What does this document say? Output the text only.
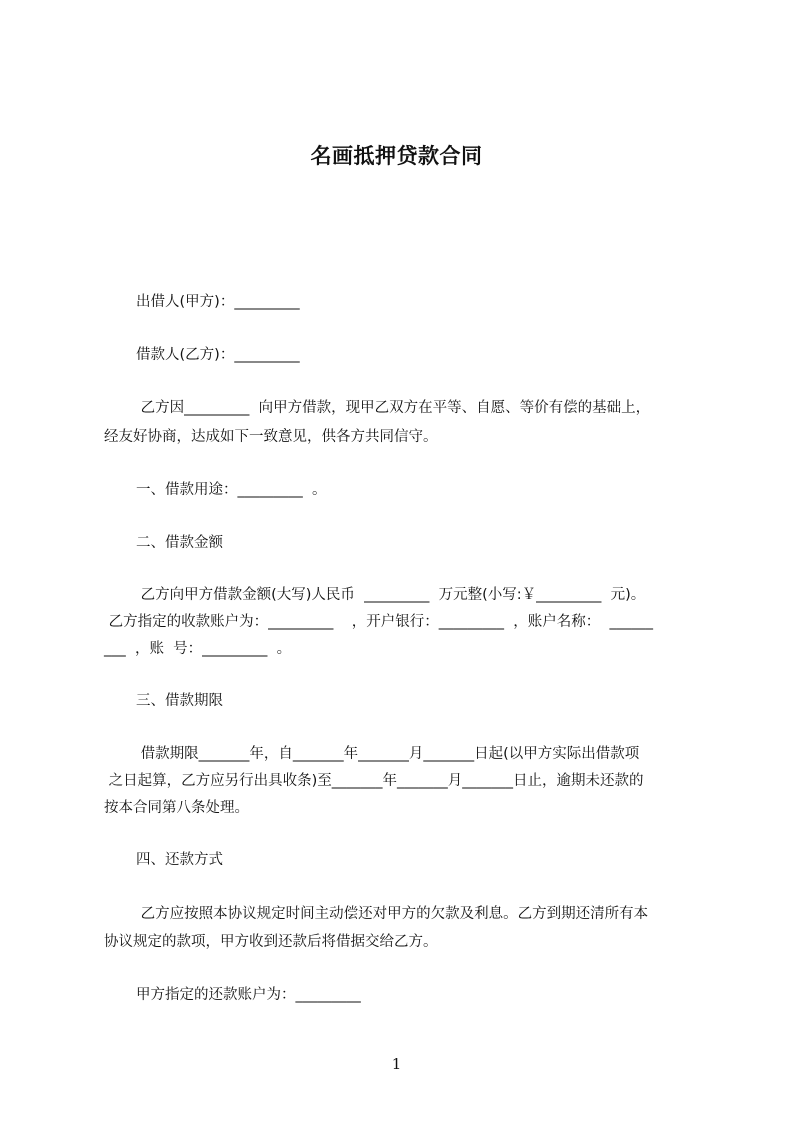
名画抵押贷款合同
出借人(甲方)：_________
借款人(乙方)：_________
乙方因_________  向甲方借款，现甲乙双方在平等、自愿、等价有偿的基础上，
经友好协商，达成如下一致意见，供各方共同信守。
一、借款用途：_________  。
二、借款金额
乙方向甲方借款金额(大写)人民币  _________  万元整(小写:￥_________  元)。
乙方指定的收款账户为：_________    ，开户银行：_________  ，账户名称：  ______
___  ，账  号：_________  。
三、借款期限
借款期限_______年，自_______年_______月_______日起(以甲方实际出借款项
之日起算，乙方应另行出具收条)至_______年_______月_______日止，逾期未还款的
按本合同第八条处理。
四、还款方式
乙方应按照本协议规定时间主动偿还对甲方的欠款及利息。乙方到期还清所有本
协议规定的款项，甲方收到还款后将借据交给乙方。
甲方指定的还款账户为：_________
1
